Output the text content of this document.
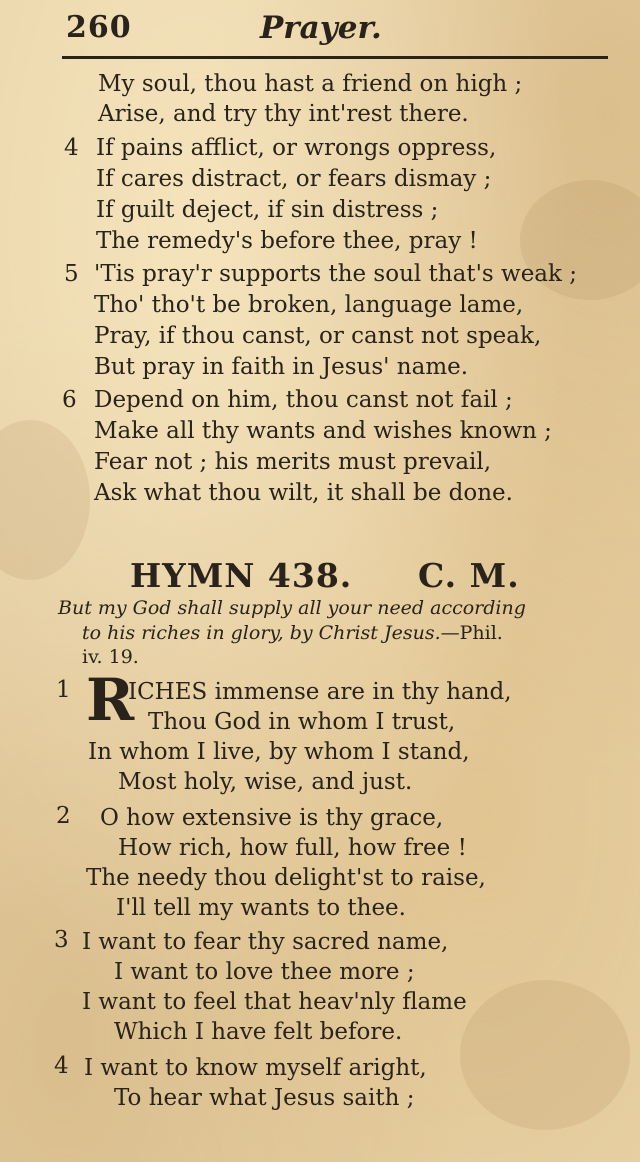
260	Prayer.
My soul, thou hast a friend on high ;
Arise, and try thy int'rest there.
4 If pains afflict, or wrongs oppress,
If cares distract, or fears dismay ;
If guilt deject, if sin distress ;
The remedy's before thee, pray !
5 'Tis pray'r supports the soul that's weak ;
Tho' tho't be broken, language lame,
Pray, if thou canst, or canst not speak,
But pray in faith in Jesus' name.
6 Depend on him, thou canst not fail ;
Make all thy wants and wishes known ;
Fear not ; his merits must prevail,
Ask what thou wilt, it shall be done.
HYMN 438. C. M.
But my God shall supply all your need according
to his riches in glory, by Christ Jesus.—Phil.
iv. 19.
1 R
ICHES immense are in thy hand,
Thou God in whom I trust,
In whom I live, by whom I stand,
Most holy, wise, and just.
2 O how extensive is thy grace,
How rich, how full, how free !
The needy thou delight'st to raise,
I'll tell my wants to thee.
3 I want to fear thy sacred name,
I want to love thee more ;
I want to feel that heav'nly flame
Which I have felt before.
4 I want to know myself aright,
To hear what Jesus saith ;
